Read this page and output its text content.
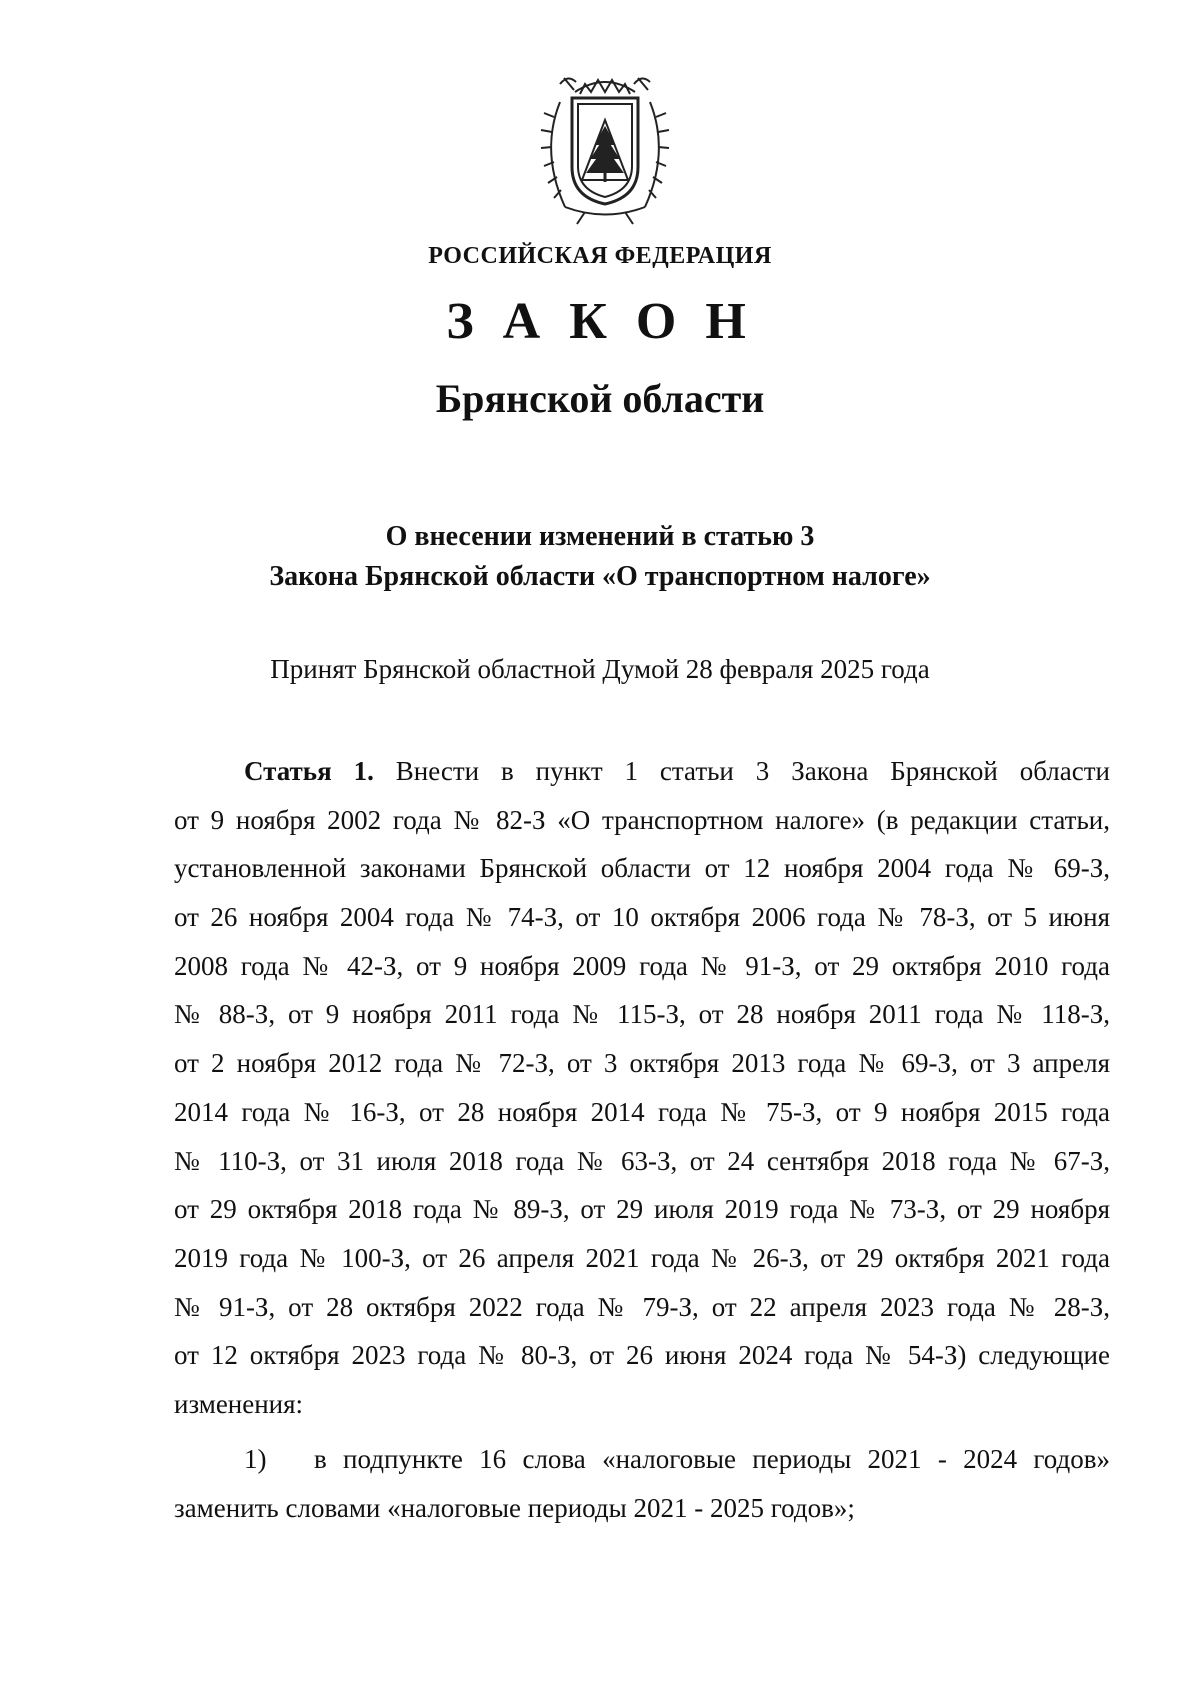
РОССИЙСКАЯ ФЕДЕРАЦИЯ
З А К О Н
Брянской области
О внесении изменений в статью 3
Закона Брянской области «О транспортном налоге»
Принят Брянской областной Думой 28 февраля 2025 года
Статья 1. Внести в пункт 1 статьи 3 Закона Брянской области
от 9 ноября 2002 года № 82-З «О транспортном налоге» (в редакции статьи,
установленной законами Брянской области от 12 ноября 2004 года № 69-З,
от 26 ноября 2004 года № 74-З, от 10 октября 2006 года № 78-З, от 5 июня
2008 года № 42-З, от 9 ноября 2009 года № 91-З, от 29 октября 2010 года
№ 88-З, от 9 ноября 2011 года № 115-З, от 28 ноября 2011 года № 118-З,
от 2 ноября 2012 года № 72-З, от 3 октября 2013 года № 69-З, от 3 апреля
2014 года № 16-З, от 28 ноября 2014 года № 75-З, от 9 ноября 2015 года
№ 110-З, от 31 июля 2018 года № 63-З, от 24 сентября 2018 года № 67-З,
от 29 октября 2018 года № 89-З, от 29 июля 2019 года № 73-З, от 29 ноября
2019 года № 100-З, от 26 апреля 2021 года № 26-З, от 29 октября 2021 года
№ 91-З, от 28 октября 2022 года № 79-З, от 22 апреля 2023 года № 28-З,
от 12 октября 2023 года № 80-З, от 26 июня 2024 года № 54-З) следующие
изменения:
1) в подпункте 16 слова «налоговые периоды 2021 - 2024 годов»
заменить словами «налоговые периоды 2021 - 2025 годов»;
